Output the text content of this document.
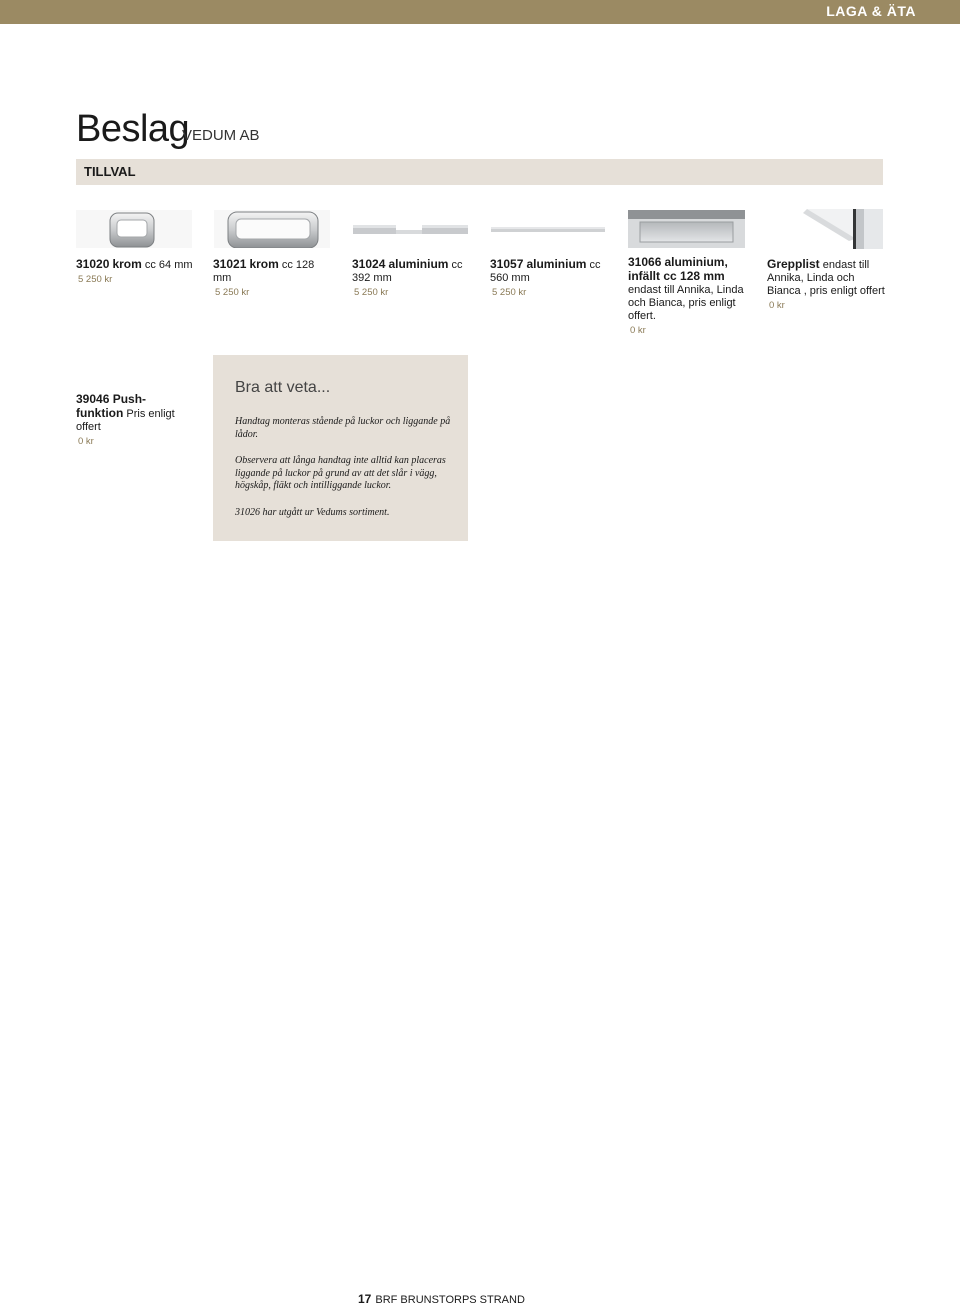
LAGA & ÄTA
Beslag
VEDUM AB
TILLVAL
31020 krom cc 64 mm
5 250 kr
31021 krom cc 128 mm
5 250 kr
31024 aluminium cc 392 mm
5 250 kr
31057 aluminium cc 560 mm
5 250 kr
31066 aluminium, infällt cc 128 mm endast till Annika, Linda och Bianca, pris enligt offert.
0 kr
Grepplist endast till Annika, Linda och Bianca , pris enligt offert
0 kr
39046 Push-funktion Pris enligt offert
0 kr
Bra att veta...

Handtag monteras stående på luckor och liggande på lådor.

Observera att långa handtag inte alltid kan placeras liggande på luckor på grund av att det slår i vägg, högskåp, fläkt och intilliggande luckor.

31026 har utgått ur Vedums sortiment.

17 BRF BRUNSTORPS STRAND
